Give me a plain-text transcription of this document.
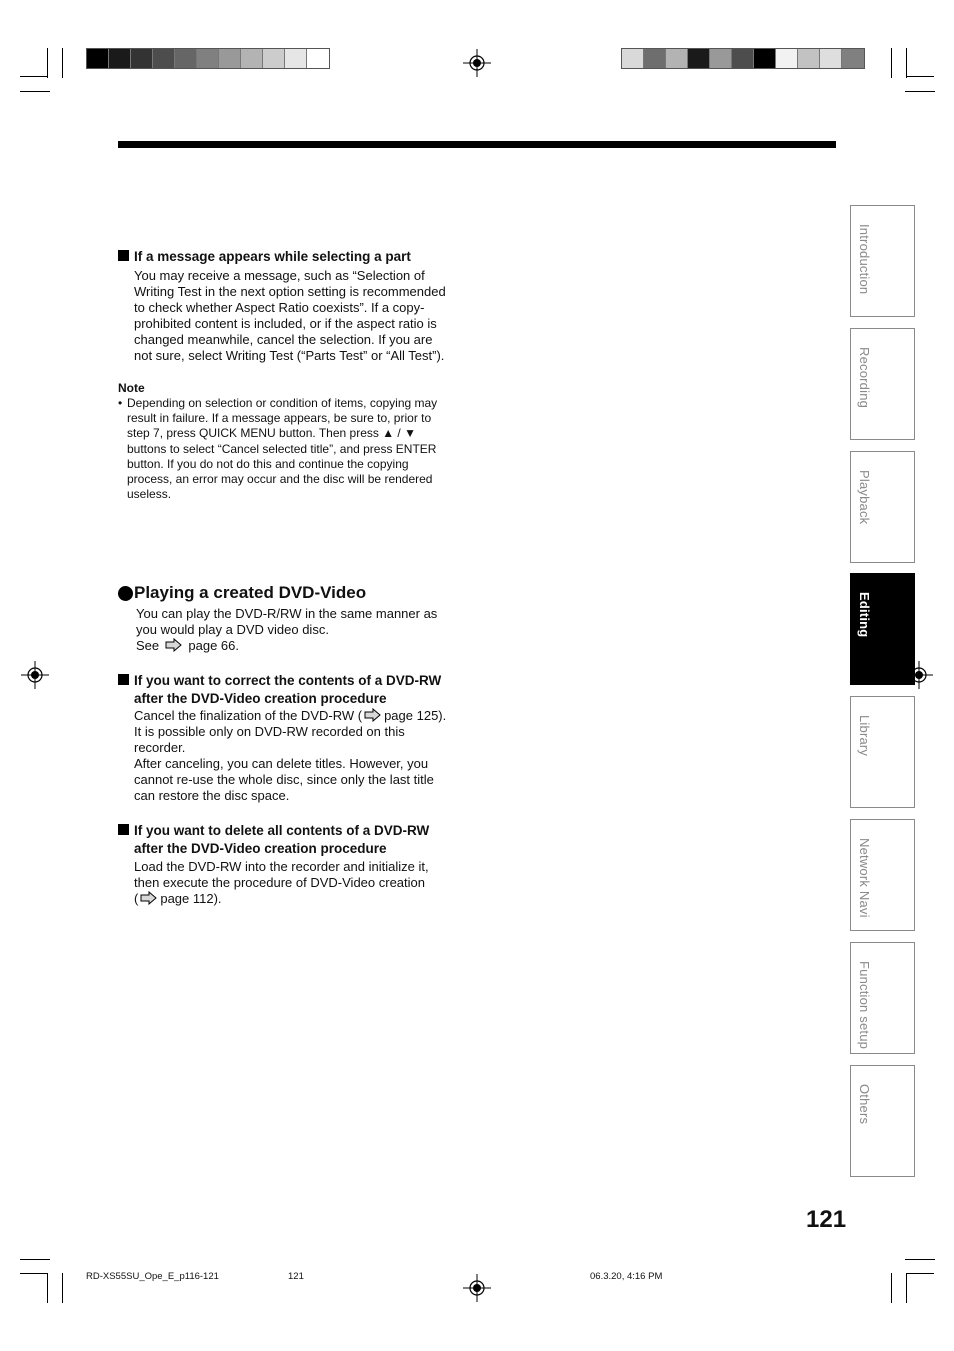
If a message appears while selecting a part
You may receive a message, such as “Selection of
Writing Test in the next option setting is recommended
to check whether Aspect Ratio coexists”. If a copy-
prohibited content is included, or if the aspect ratio is
changed meanwhile, cancel the selection. If you are
not sure, select Writing Test (“Parts Test” or “All Test”).
Note
• Depending on selection or condition of items, copying may
result in failure. If a message appears, be sure to, prior to
step 7, press QUICK MENU button. Then press ▲ / ▼
buttons to select “Cancel selected title”, and press ENTER
button. If you do not do this and continue the copying
process, an error may occur and the disc will be rendered
useless.
Playing a created DVD-Video
You can play the DVD-R/RW in the same manner as
you would play a DVD video disc.
See page 66.
If you want to correct the contents of a DVD-RW
after the DVD-Video creation procedure
Cancel the finalization of the DVD-RW ( page 125).
It is possible only on DVD-RW recorded on this
recorder.
After canceling, you can delete titles. However, you
cannot re-use the whole disc, since only the last title
can restore the disc space.
If you want to delete all contents of a DVD-RW
after the DVD-Video creation procedure
Load the DVD-RW into the recorder and initialize it,
then execute the procedure of DVD-Video creation
( page 112).
Introduction
Recording
Playback
Editing
Library
Network Navi
Function setup
Others
121
RD-XS55SU_Ope_E_p116-121	121	06.3.20, 4:16 PM
